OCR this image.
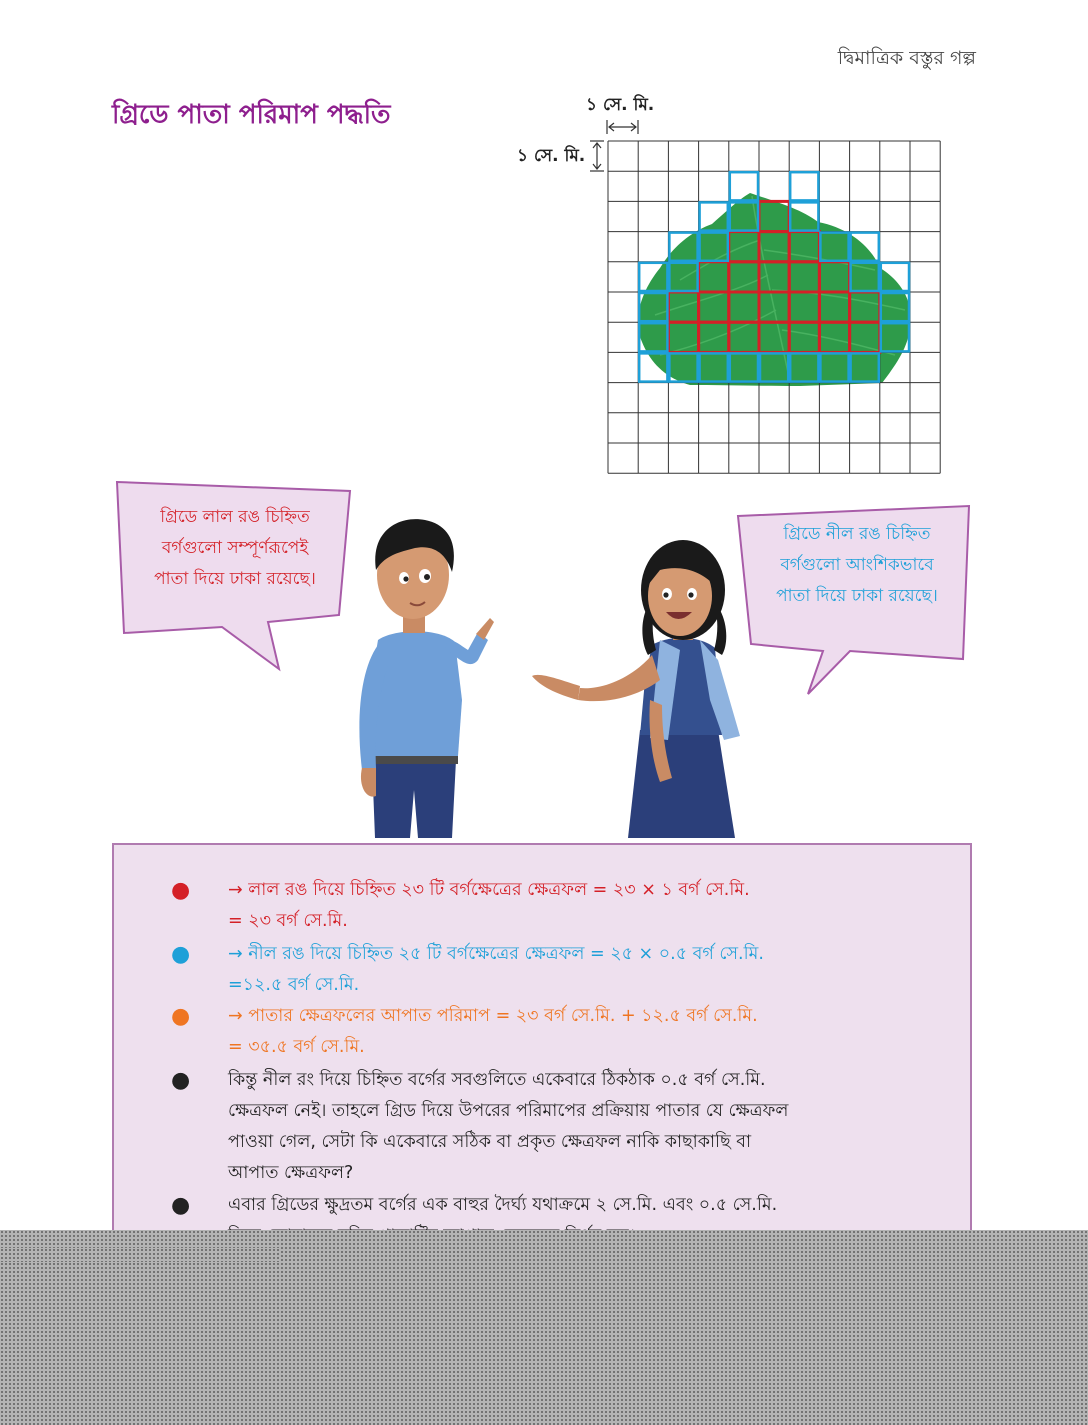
দ্বিমাত্রিক বস্তুর গল্প
গ্রিডে পাতা পরিমাপ পদ্ধতি	১ সে. মি.
১ সে. মি.
গ্রিডে লাল রঙ চিহ্নিত
বর্গগুলো সম্পূর্ণরূপেই
পাতা দিয়ে ঢাকা রয়েছে।
গ্রিডে নীল রঙ চিহ্নিত
বর্গগুলো আংশিকভাবে
পাতা দিয়ে ঢাকা রয়েছে।
● → লাল রঙ দিয়ে চিহ্নিত ২৩ টি বর্গক্ষেত্রের ক্ষেত্রফল = ২৩ × ১ বর্গ সে.মি.
= ২৩ বর্গ সে.মি.
● → নীল রঙ দিয়ে চিহ্নিত ২৫ টি বর্গক্ষেত্রের ক্ষেত্রফল = ২৫ × ০.৫ বর্গ সে.মি.
=১২.৫ বর্গ সে.মি.
● → পাতার ক্ষেত্রফলের আপাত পরিমাপ = ২৩ বর্গ সে.মি. + ১২.৫ বর্গ সে.মি.
= ৩৫.৫ বর্গ সে.মি.
● কিন্তু নীল রং দিয়ে চিহ্নিত বর্গের সবগুলিতে একেবারে ঠিকঠাক ০.৫ বর্গ সে.মি.
ক্ষেত্রফল নেই। তাহলে গ্রিড দিয়ে উপরের পরিমাপের প্রক্রিয়ায় পাতার যে ক্ষেত্রফল
পাওয়া গেল, সেটা কি একেবারে সঠিক বা প্রকৃত ক্ষেত্রফল নাকি কাছাকাছি বা
আপাত ক্ষেত্রফল?
● এবার গ্রিডের ক্ষুদ্রতম বর্গের এক বাহুর দৈর্ঘ্য যথাক্রমে ২ সে.মি. এবং ০.৫ সে.মি.
